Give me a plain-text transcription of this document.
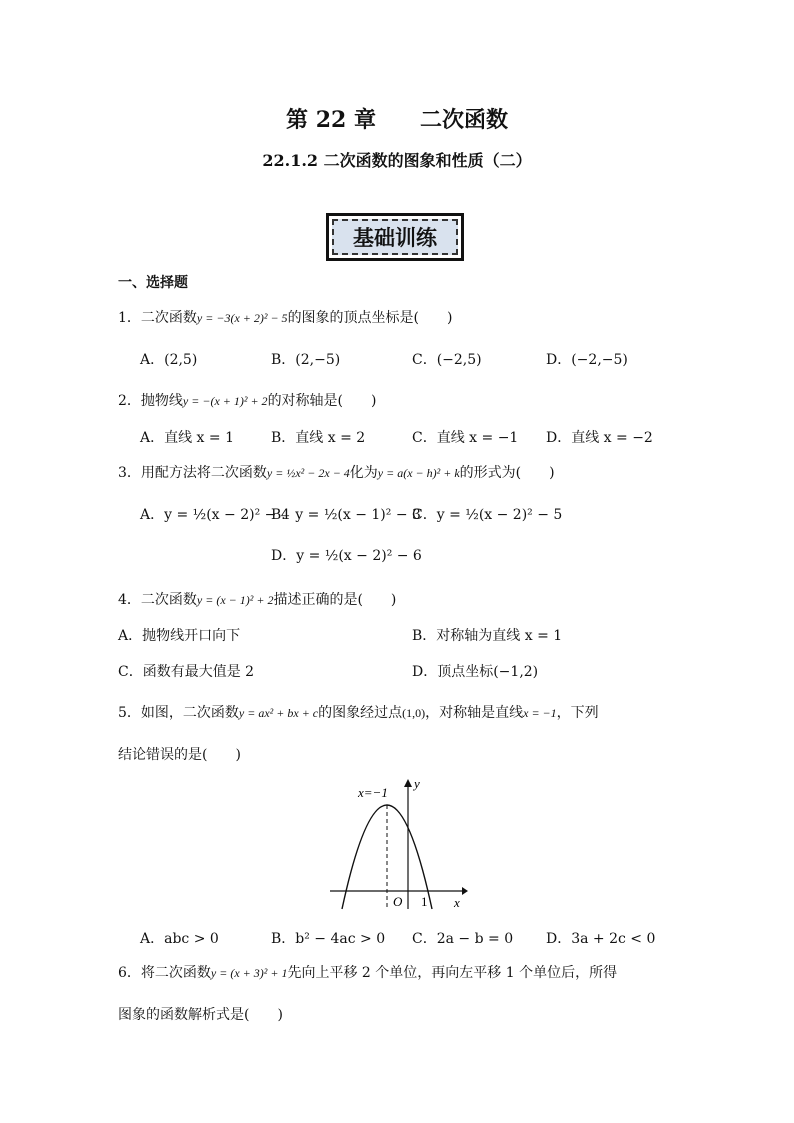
第 22 章　　二次函数
22.1.2 二次函数的图象和性质（二）
基础训练
一、选择题
1．二次函数y = −3(x + 2)² − 5的图象的顶点坐标是(　　)
A．(2,5)	B．(2,−5)	C．(−2,5)	D．(−2,−5)
2．抛物线y = −(x + 1)² + 2的对称轴是(　　)
A．直线 x = 1	B．直线 x = 2	C．直线 x = −1 D．直线 x = −2
3．用配方法将二次函数y = ½x² − 2x − 4化为y = a(x − h)² + k的形式为(　　)
A．y = ½(x − 2)² − 4
B．y = ½(x − 1)² − 3
C．y = ½(x − 2)² − 5
D．y = ½(x − 2)² − 6
4．二次函数y = (x − 1)² + 2描述正确的是(　　)
A．抛物线开口向下	B．对称轴为直线 x = 1
C．函数有最大值是 2	D．顶点坐标(−1,2)
5．如图，二次函数y = ax² + bx + c的图象经过点(1,0)，对称轴是直线x = −1，下列
结论错误的是(　　)
y
x
O 1
x=−1
A．abc > 0	B．b² − 4ac > 0 C．2a − b = 0 D．3a + 2c < 0
6．将二次函数y = (x + 3)² + 1先向上平移 2 个单位，再向左平移 1 个单位后，所得
图象的函数解析式是(　　)
